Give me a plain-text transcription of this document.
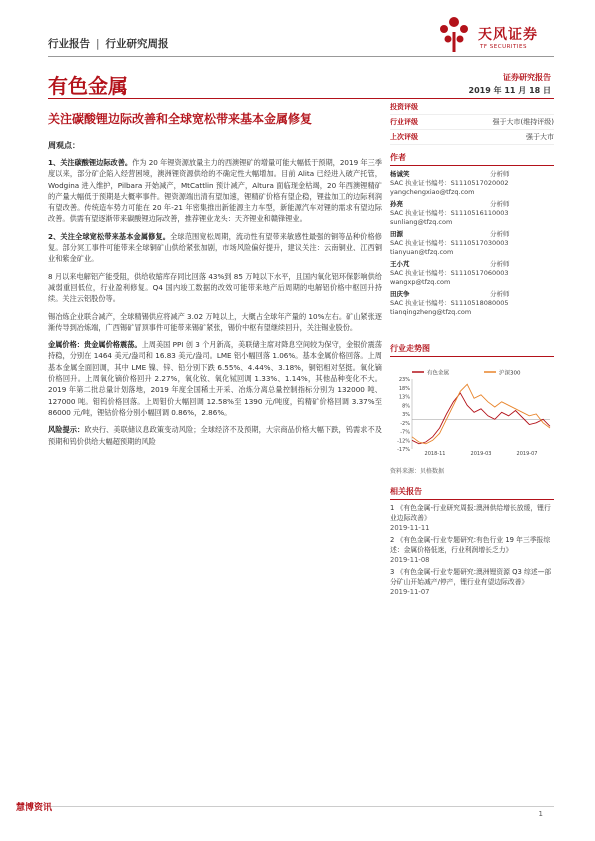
行业报告 | 行业研究周报
天风证券
TF SECURITIES
有色金属	证券研究报告
2019 年 11 月 18 日
关注碳酸锂边际改善和全球宽松带来基本金属修复
投资评级
行业评级	强于大市(维持评级)
上次评级	强于大市
周观点：
1、关注碳酸锂边际改善。作为 20 年锂资源放量主力的西澳锂矿的增量可能大幅低于预期，2019 年三季度以来，部分矿企陷入经营困境，澳洲锂资源供给的不确定性大幅增加。目前 Alita 已经进入破产托管，Wodgina 进入维护，Pilbara 开始减产，MtCattlin 预计减产，Altura 面临现金枯竭，20 年西澳锂精矿的产量大幅低于预期是大概率事件。锂资源端出清有望加速，锂精矿价格有望企稳，锂盐加工的边际利润有望改善。传统造车势力可能在 20 年-21 年密集推出新能源主力车型，新能源汽车对锂的需求有望边际改善。供需有望逐渐带来碳酸锂边际改善，推荐锂业龙头：天齐锂业和赣锋锂业。
2、关注全球宽松带来基本金属修复。全球范围宽松周期，流动性有望带来敏感性最强的铜等品种价格修复。部分冥工事件可能带来全球铜矿山供给紧张加剧，市场风险偏好提升，建议关注：云南铜业、江西铜业和紫金矿业。
8 月以来电解铝产能受阻，供给收缩库存同比回落 43%到 85 万吨以下水平，且国内氧化铝环保影响供给减弱重回低位，行业盈利修复。Q4 国内竣工数据的改效可能带来地产后周期的电解铝价格中枢回升持续。关注云铝股份等。
锡冶炼企业联合减产，全球精锡供应将减产 3.02 万吨以上，大概占全球年产量的 10%左右。矿山紧张逐渐传导到冶炼端，广西锡矿冒顶事件可能带来锡矿紧张，锡价中枢有望继续回升，关注锡业股份。
金属价格：贵金属价格震荡。上周美国 PPI 创 3 个月新高，美联储主席对降息空间较为保守，金银价震荡持稳，分别在 1464 美元/盎司和 16.83 美元/盎司。LME 铝小幅回落 1.06%。基本金属价格回落。上周基本金属全面回调，其中 LME 镍、锌、铅分别下跌 6.55%、4.44%、3.18%，铜铝相对坚挺。氧化镝价格回升。上周氧化镝价格回升 2.27%，氧化钕、氧化铽回调 1.33%、1.14%，其他品种变化不大。2019 年第二批总量计划落地，2019 年度全国稀土开采、冶炼分离总量控制指标分别为 132000 吨、127000 吨。钼钨价格回落。上周钼价大幅回调 12.58%至 1390 元/吨度，钨精矿价格回调 3.37%至 86000 元/吨，锂钴价格分别小幅回调 0.86%，2.86%。
风险提示：欧央行、美联储议息政策变动风险；全球经济不及预期，大宗商品价格大幅下跌，钨需求不及预期和钨价供给大幅超预期的风险
作者
杨诚笑	分析师
SAC 执业证书编号：S1110517020002
yangchengxiao@tfzq.com
孙亮	分析师
SAC 执业证书编号：S1110516110003
sunliang@tfzq.com
田源	分析师
SAC 执业证书编号：S1110517030003
tianyuan@tfzq.com
王小芃	分析师
SAC 执业证书编号：S1110517060003
wangxp@tfzq.com
田庆争	分析师
SAC 执业证书编号：S1110518080005
tianqingzheng@tfzq.com
行业走势图
有色金属	沪深300
23%
18%
13%
8%
3%
-2%
-7%
-12%
-17%
2018-11	2019-03	2019-07
资料来源：贝格数据
相关报告
1 《有色金属-行业研究周报:澳洲供给增长放缓，锂行业边际改善》
2019-11-11
2 《有色金属-行业专题研究:有色行业 19 年三季报综述：金属价格低迷，行业利润增长乏力》
2019-11-08
3 《有色金属-行业专题研究:澳洲锂资源 Q3 综述—部分矿山开始减产/停产，锂行业有望边际改善》
2019-11-07
慧博资讯
1
